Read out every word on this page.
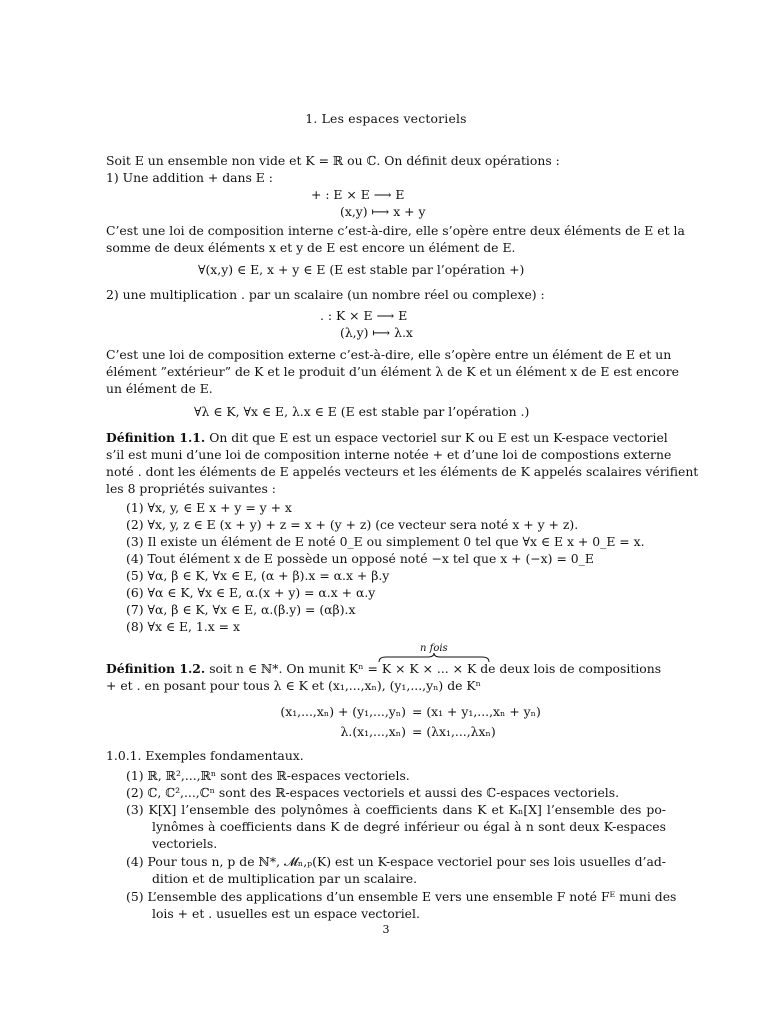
1. Les espaces vectoriels
Soit E un ensemble non vide et K = ℝ ou ℂ. On définit deux opérations :
1) Une addition + dans E :
+ : E × E ⟶ E
(x,y) ⟼ x + y
C’est une loi de composition interne c’est-à-dire, elle s’opère entre deux éléments de E et la
somme de deux éléments x et y de E est encore un élément de E.
∀(x,y) ∈ E, x + y ∈ E (E est stable par l’opération +)
2) une multiplication . par un scalaire (un nombre réel ou complexe) :
. : K × E ⟶ E
(λ,y) ⟼ λ.x
C’est une loi de composition externe c’est-à-dire, elle s’opère entre un élément de E et un
élément ”extérieur” de K et le produit d’un élément λ de K et un élément x de E est encore
un élément de E.
∀λ ∈ K, ∀x ∈ E, λ.x ∈ E (E est stable par l’opération .)
Définition 1.1. On dit que E est un espace vectoriel sur K ou E est un K-espace vectoriel
s’il est muni d’une loi de composition interne notée + et d’une loi de compostions externe
noté . dont les éléments de E appelés vecteurs et les éléments de K appelés scalaires vérifient
les 8 propriétés suivantes :
(1) ∀x, y, ∈ E x + y = y + x
(2) ∀x, y, z ∈ E (x + y) + z = x + (y + z) (ce vecteur sera noté x + y + z).
(3) Il existe un élément de E noté 0_E ou simplement 0 tel que ∀x ∈ E x + 0_E = x.
(4) Tout élément x de E possède un opposé noté −x tel que x + (−x) = 0_E
(5) ∀α, β ∈ K, ∀x ∈ E, (α + β).x = α.x + β.y
(6) ∀α ∈ K, ∀x ∈ E, α.(x + y) = α.x + α.y
(7) ∀α, β ∈ K, ∀x ∈ E, α.(β.y) = (αβ).x
(8) ∀x ∈ E, 1.x = x
n fois
Définition 1.2. soit n ∈ ℕ*. On munit Kⁿ = K × K × ... × K de deux lois de compositions
+ et . en posant pour tous λ ∈ K et (x₁,...,xₙ), (y₁,...,yₙ) de Kⁿ
(x₁,...,xₙ) + (y₁,...,yₙ) = (x₁ + y₁,...,xₙ + yₙ)
λ.(x₁,...,xₙ) = (λx₁,...,λxₙ)
1.0.1. Exemples fondamentaux.
(1) ℝ, ℝ²,...,ℝⁿ sont des ℝ-espaces vectoriels.
(2) ℂ, ℂ²,...,ℂⁿ sont des ℝ-espaces vectoriels et aussi des ℂ-espaces vectoriels.
(3) K[X] l’ensemble des polynômes à coefficients dans K et Kₙ[X] l’ensemble des po-
lynômes à coefficients dans K de degré inférieur ou égal à n sont deux K-espaces
vectoriels.
(4) Pour tous n, p de ℕ*, 𝓜ₙ,ₚ(K) est un K-espace vectoriel pour ses lois usuelles d’ad-
dition et de multiplication par un scalaire.
(5) L’ensemble des applications d’un ensemble E vers une ensemble F noté Fᴱ muni des
lois + et . usuelles est un espace vectoriel.
3
